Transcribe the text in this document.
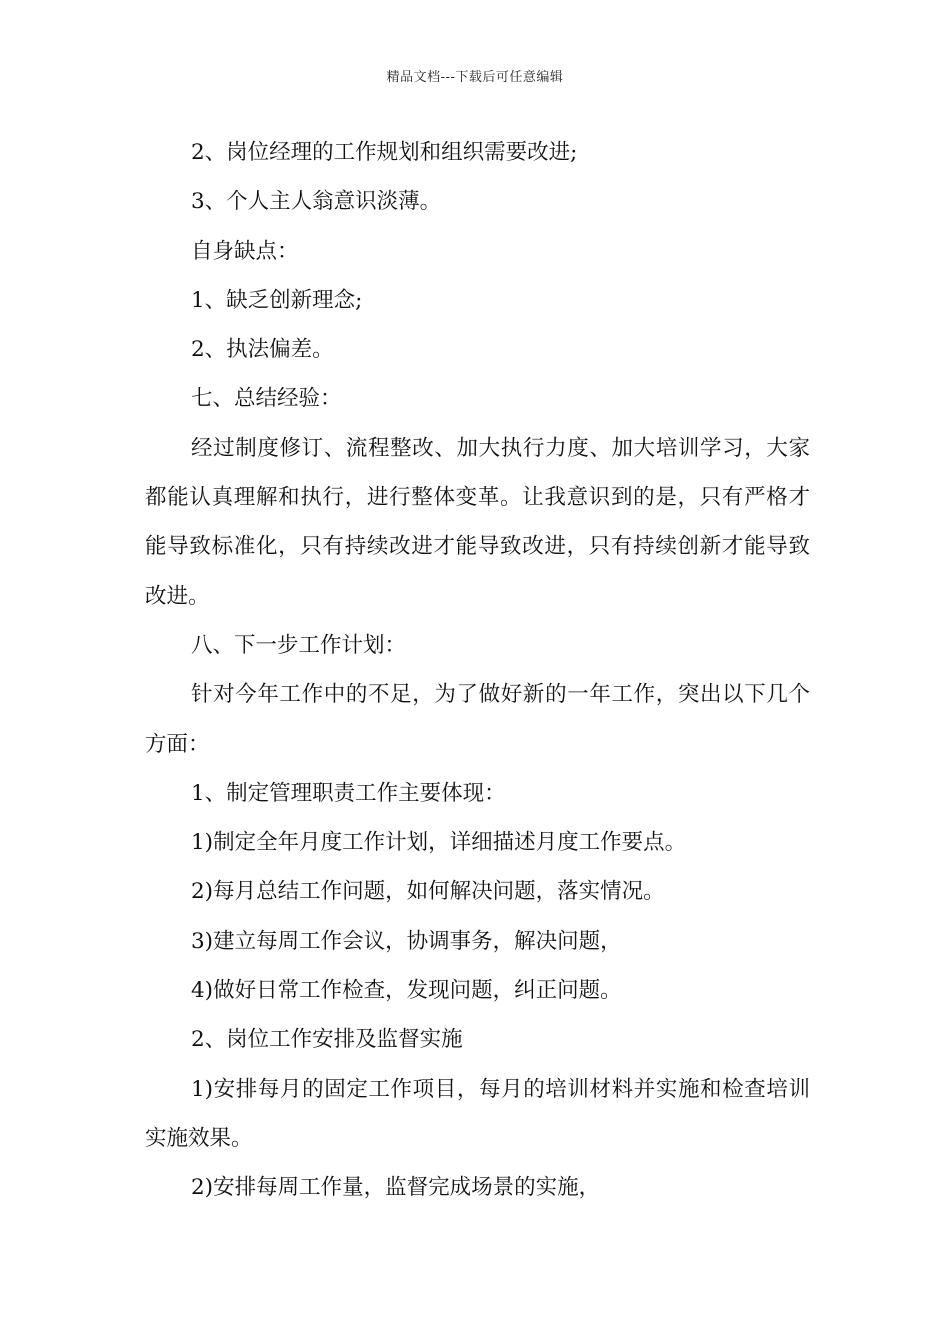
精品文档---下载后可任意编辑

2、岗位经理的工作规划和组织需要改进;

3、个人主人翁意识淡薄。

自身缺点：

1、缺乏创新理念;

2、执法偏差。

七、总结经验：

经过制度修订、流程整改、加大执行力度、加大培训学习，大家都能认真理解和执行，进行整体变革。让我意识到的是，只有严格才能导致标准化，只有持续改进才能导致改进，只有持续创新才能导致改进。

八、下一步工作计划：

针对今年工作中的不足，为了做好新的一年工作，突出以下几个方面：

1、制定管理职责工作主要体现：

1)制定全年月度工作计划，详细描述月度工作要点。

2)每月总结工作问题，如何解决问题，落实情况。

3)建立每周工作会议，协调事务，解决问题，

4)做好日常工作检查，发现问题，纠正问题。

2、岗位工作安排及监督实施

1)安排每月的固定工作项目，每月的培训材料并实施和检查培训实施效果。

2)安排每周工作量，监督完成场景的实施，
